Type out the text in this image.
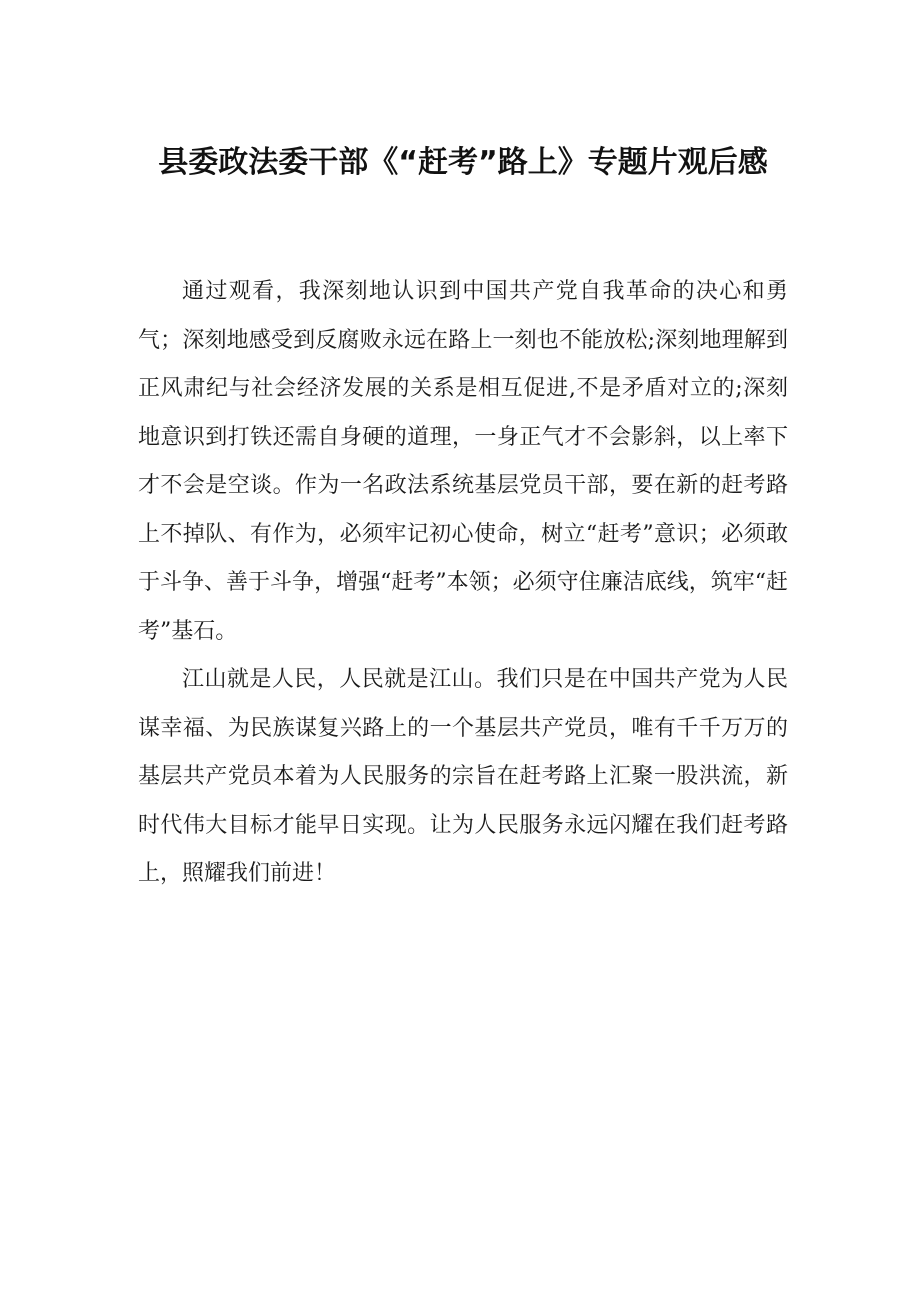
县委政法委干部《“赶考”路上》专题片观后感

通过观看，我深刻地认识到中国共产党自我革命的决心和勇气；深刻地感受到反腐败永远在路上一刻也不能放松;深刻地理解到正风肃纪与社会经济发展的关系是相互促进,不是矛盾对立的;深刻地意识到打铁还需自身硬的道理，一身正气才不会影斜，以上率下才不会是空谈。作为一名政法系统基层党员干部，要在新的赶考路上不掉队、有作为，必须牢记初心使命，树立“赶考”意识；必须敢于斗争、善于斗争，增强“赶考”本领；必须守住廉洁底线，筑牢“赶考”基石。

江山就是人民，人民就是江山。我们只是在中国共产党为人民谋幸福、为民族谋复兴路上的一个基层共产党员，唯有千千万万的基层共产党员本着为人民服务的宗旨在赶考路上汇聚一股洪流，新时代伟大目标才能早日实现。让为人民服务永远闪耀在我们赶考路上，照耀我们前进！
